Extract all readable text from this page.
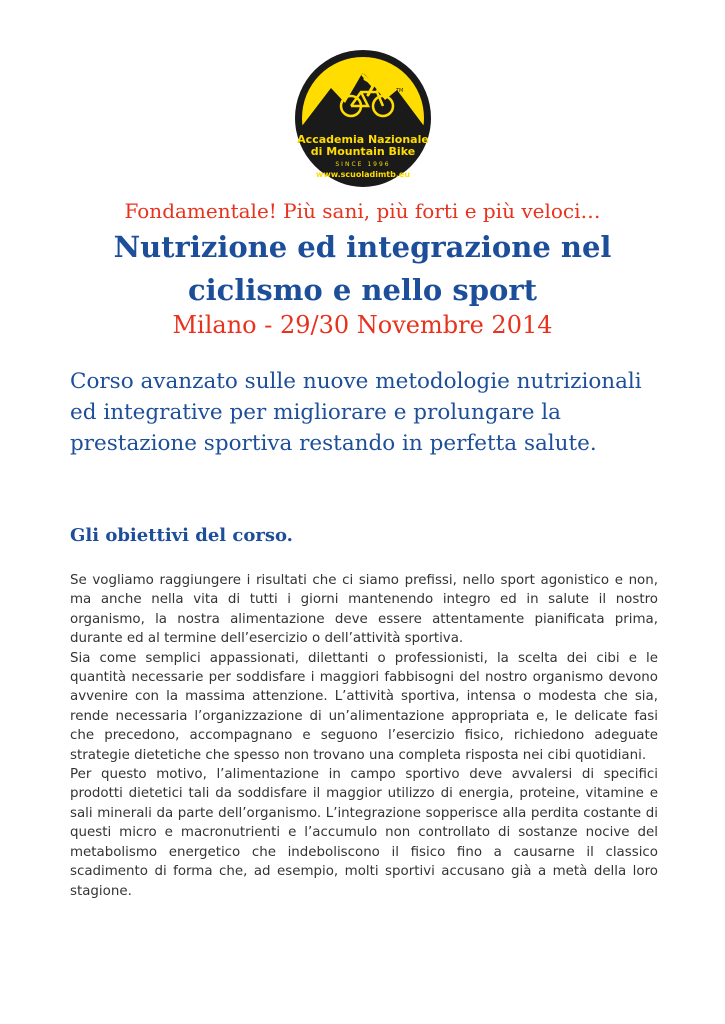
TM
Accademia Nazionale
di Mountain Bike
SINCE 1996
www.scuoladimtb.eu
Fondamentale! Più sani, più forti e più veloci…
Nutrizione ed integrazione nel ciclismo e nello sport
Milano - 29/30 Novembre 2014
Corso avanzato sulle nuove metodologie nutrizionali ed integrative per migliorare e prolungare la prestazione sportiva restando in perfetta salute.
Gli obiettivi del corso.

Se vogliamo raggiungere i risultati che ci siamo prefissi, nello sport agonistico e non, ma anche nella vita di tutti i giorni mantenendo integro ed in salute il nostro organismo, la nostra alimentazione deve essere attentamente pianificata prima, durante ed al termine dell’esercizio o dell’attività sportiva.

Sia come semplici appassionati, dilettanti o professionisti, la scelta dei cibi e le quantità necessarie per soddisfare i maggiori fabbisogni del nostro organismo devono avvenire con la massima attenzione. L’attività sportiva, intensa o modesta che sia, rende necessaria l’organizzazione di un’alimentazione appropriata e, le delicate fasi che precedono, accompagnano e seguono l’esercizio fisico, richiedono adeguate strategie dietetiche che spesso non trovano una completa risposta nei cibi quotidiani.

Per questo motivo, l’alimentazione in campo sportivo deve avvalersi di specifici prodotti dietetici tali da soddisfare il maggior utilizzo di energia, proteine, vitamine e sali minerali da parte dell’organismo. L’integrazione sopperisce alla perdita costante di questi micro e macronutrienti e l’accumulo non controllato di sostanze nocive del metabolismo energetico che indeboliscono il fisico fino a causarne il classico scadimento di forma che, ad esempio, molti sportivi accusano già a metà della loro stagione.
